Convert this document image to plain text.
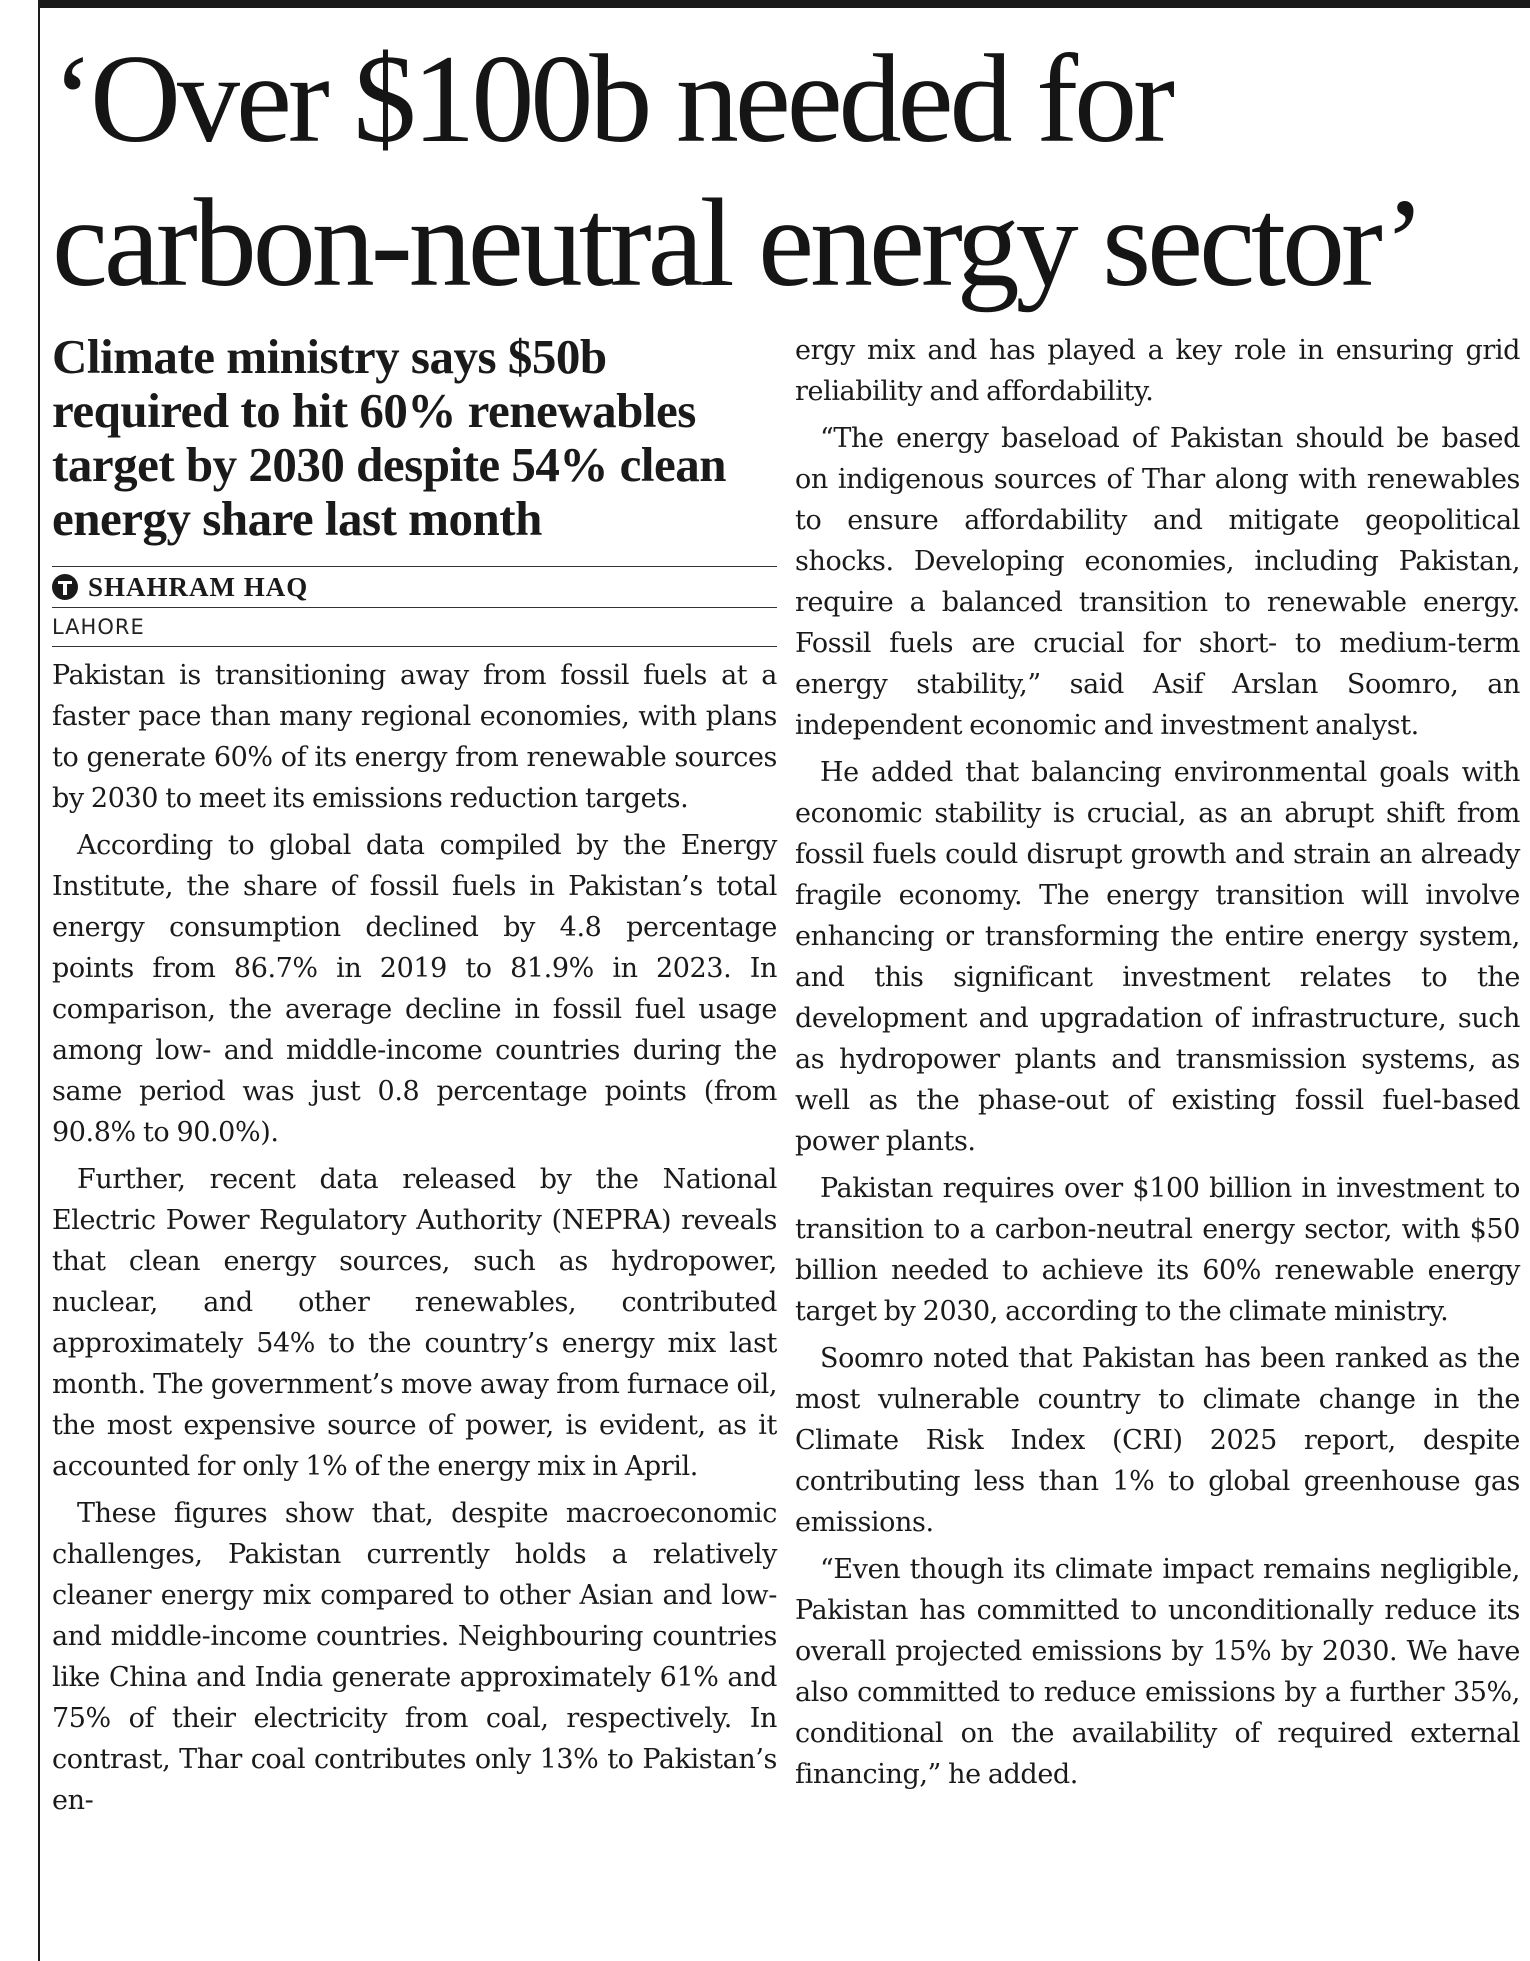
‘Over $100b needed for carbon-neutral energy sector’
Climate ministry says $50b required to hit 60% renewables target by 2030 despite 54% clean energy share last month
SHAHRAM HAQ
LAHORE

Pakistan is transitioning away from fossil fuels at a faster pace than many regional economies, with plans to generate 60% of its energy from renewable sources by 2030 to meet its emissions reduction targets.

According to global data compiled by the Energy Institute, the share of fossil fuels in Pakistan’s total energy consumption declined by 4.8 percentage points from 86.7% in 2019 to 81.9% in 2023. In comparison, the average decline in fossil fuel usage among low- and middle-income countries during the same period was just 0.8 percentage points (from 90.8% to 90.0%).

Further, recent data released by the National Electric Power Regulatory Authority (NEPRA) reveals that clean energy sources, such as hydropower, nuclear, and other renewables, contributed approximately 54% to the country’s energy mix last month. The government’s move away from furnace oil, the most expensive source of power, is evident, as it accounted for only 1% of the energy mix in April.

These figures show that, despite macroeconomic challenges, Pakistan currently holds a relatively cleaner energy mix compared to other Asian and low- and middle-income countries. Neighbouring countries like China and India generate approximately 61% and 75% of their electricity from coal, respectively. In contrast, Thar coal contributes only 13% to Pakistan’s en-

ergy mix and has played a key role in ensuring grid reliability and affordability.

“The energy baseload of Pakistan should be based on indigenous sources of Thar along with renewables to ensure affordability and mitigate geopolitical shocks. Developing economies, including Pakistan, require a balanced transition to renewable energy. Fossil fuels are crucial for short- to medium-term energy stability,” said Asif Arslan Soomro, an independent economic and investment analyst.

He added that balancing environmental goals with economic stability is crucial, as an abrupt shift from fossil fuels could disrupt growth and strain an already fragile economy. The energy transition will involve enhancing or transforming the entire energy system, and this significant investment relates to the development and upgradation of infrastructure, such as hydropower plants and transmission systems, as well as the phase-out of existing fossil fuel-based power plants.

Pakistan requires over $100 billion in investment to transition to a carbon-neutral energy sector, with $50 billion needed to achieve its 60% renewable energy target by 2030, according to the climate ministry.

Soomro noted that Pakistan has been ranked as the most vulnerable country to climate change in the Climate Risk Index (CRI) 2025 report, despite contributing less than 1% to global greenhouse gas emissions.

“Even though its climate impact remains negligible, Pakistan has committed to unconditionally reduce its overall projected emissions by 15% by 2030. We have also committed to reduce emissions by a further 35%, conditional on the availability of required external financing,” he added.
